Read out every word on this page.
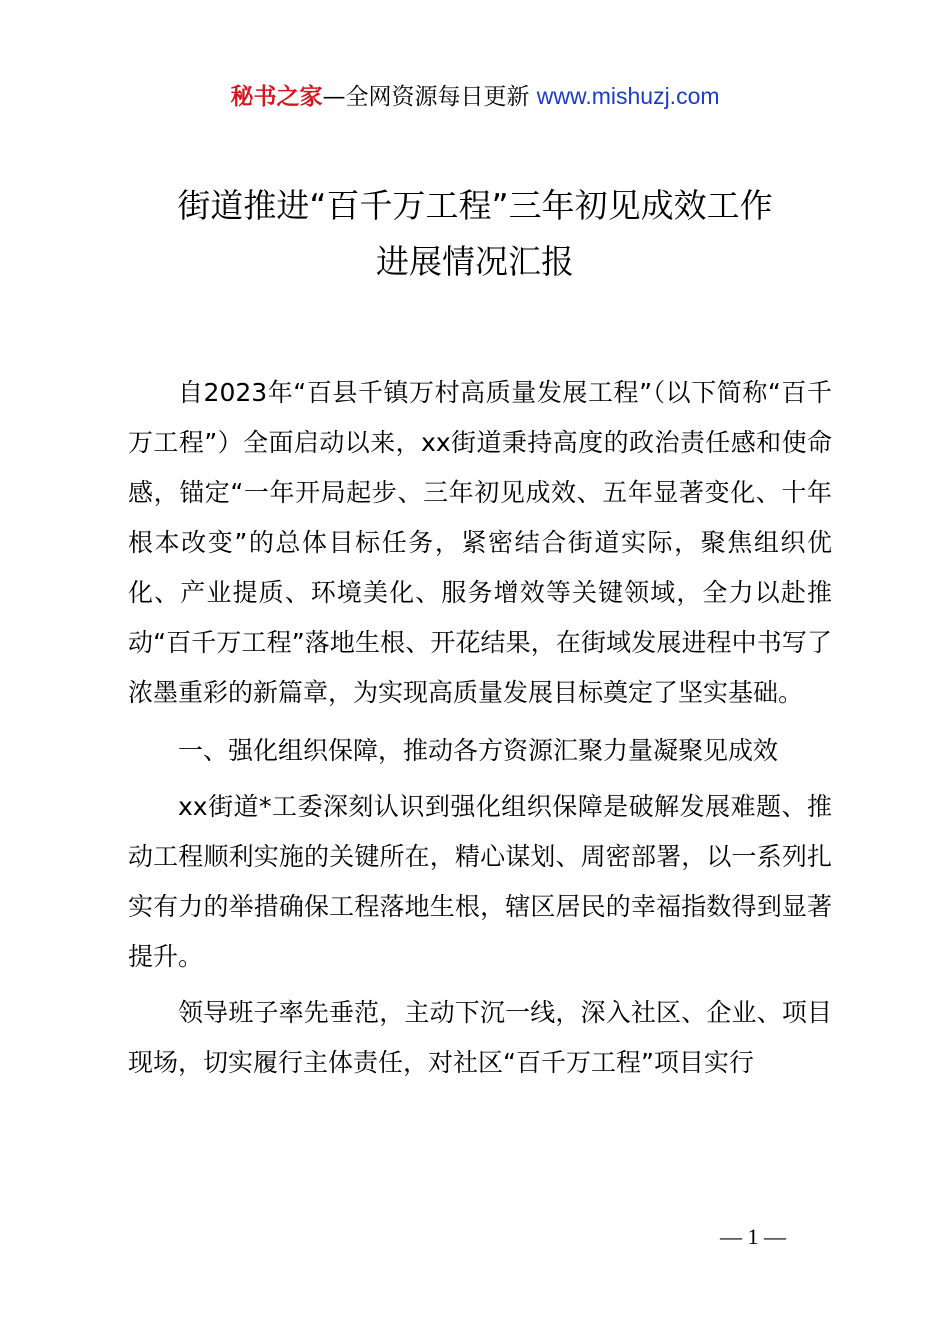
秘书之家—全网资源每日更新 www.mishuzj.com
街道推进“百千万工程”三年初见成效工作
进展情况汇报

自2023年“百县千镇万村高质量发展工程”（以下简称“百千万工程”）全面启动以来，xx街道秉持高度的政治责任感和使命感，锚定“一年开局起步、三年初见成效、五年显著变化、十年根本改变”的总体目标任务，紧密结合街道实际，聚焦组织优化、产业提质、环境美化、服务增效等关键领域，全力以赴推动“百千万工程”落地生根、开花结果，在街域发展进程中书写了浓墨重彩的新篇章，为实现高质量发展目标奠定了坚实基础。

一、强化组织保障，推动各方资源汇聚力量凝聚见成效

xx街道*工委深刻认识到强化组织保障是破解发展难题、推动工程顺利实施的关键所在，精心谋划、周密部署，以一系列扎实有力的举措确保工程落地生根，辖区居民的幸福指数得到显著提升。

领导班子率先垂范，主动下沉一线，深入社区、企业、项目现场，切实履行主体责任，对社区“百千万工程”项目实行

— 1 —
